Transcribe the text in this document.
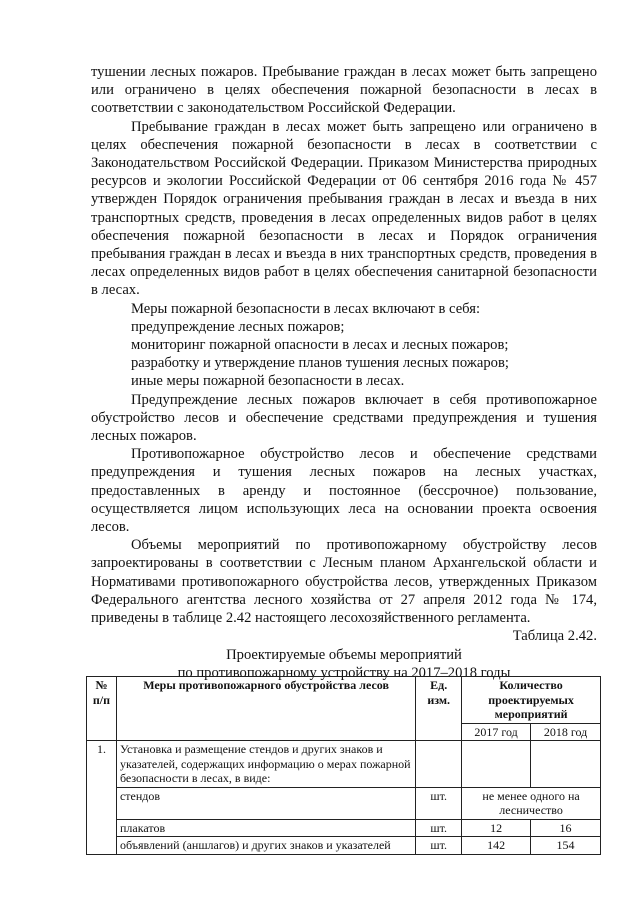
тушении лесных пожаров. Пребывание граждан в лесах может быть запрещено или ограничено в целях обеспечения пожарной безопасности в лесах в соответствии с законодательством Российской Федерации.

Пребывание граждан в лесах может быть запрещено или ограничено в целях обеспечения пожарной безопасности в лесах в соответствии с Законодательством Российской Федерации. Приказом Министерства природных ресурсов и экологии Российской Федерации от 06 сентября 2016 года № 457 утвержден Порядок ограничения пребывания граждан в лесах и въезда в них транспортных средств, проведения в лесах определенных видов работ в целях обеспечения пожарной безопасности в лесах и Порядок ограничения пребывания граждан в лесах и въезда в них транспортных средств, проведения в лесах определенных видов работ в целях обеспечения санитарной безопасности в лесах.

Меры пожарной безопасности в лесах включают в себя:

предупреждение лесных пожаров;

мониторинг пожарной опасности в лесах и лесных пожаров;

разработку и утверждение планов тушения лесных пожаров;

иные меры пожарной безопасности в лесах.

Предупреждение лесных пожаров включает в себя противопожарное обустройство лесов и обеспечение средствами предупреждения и тушения лесных пожаров.

Противопожарное обустройство лесов и обеспечение средствами предупреждения и тушения лесных пожаров на лесных участках, предоставленных в аренду и постоянное (бессрочное) пользование, осуществляется лицом использующих леса на основании проекта освоения лесов.

Объемы мероприятий по противопожарному обустройству лесов запроектированы в соответствии с Лесным планом Архангельской области и Нормативами противопожарного обустройства лесов, утвержденных Приказом Федерального агентства лесного хозяйства от 27 апреля 2012 года № 174, приведены в таблице 2.42 настоящего лесохозяйственного регламента.

Таблица 2.42.

Проектируемые объемы мероприятий

по противопожарному устройству на 2017–2018 годы

№ п/п	Меры противопожарного обустройства лесов	Ед. изм.	Количество проектируемых мероприятий	
			2017 год	2018 год
1.	Установка и размещение стендов и других знаков и указателей, содержащих информацию о мерах пожарной безопасности в лесах, в виде:			
	стендов	шт.	не менее одного на лесничество	
	плакатов	шт.	12	16
	объявлений (аншлагов) и других знаков и указателей	шт.	142	154
